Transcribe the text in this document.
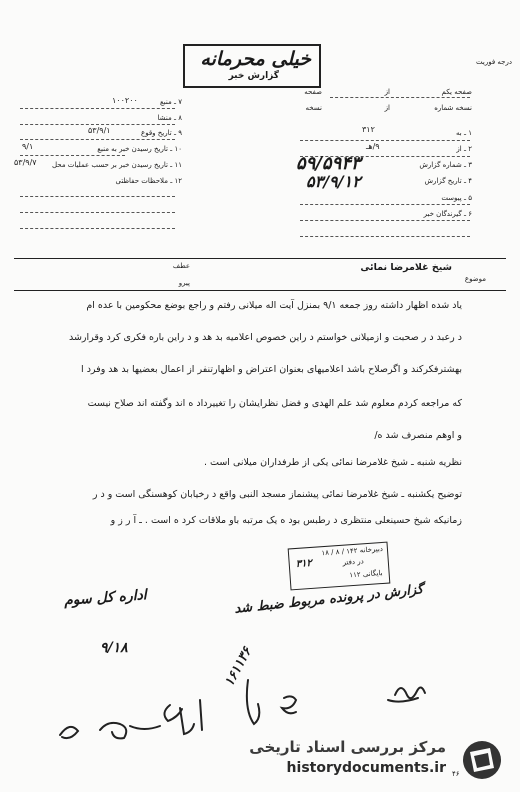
درجه فوریت
خیلی محرمانه
گزارش خبر
۷ ـ منبع
۱۰۰۲۰۰
۸ ـ منشا
۹ ـ تاریخ وقوع
۵۳/۹/۱
۱۰ ـ تاریخ رسیدن خبر به منبع
۹/۱
۱۱ ـ تاریخ رسیدن خبر بر حسب عملیات محل
۵۳/۹/۷
۱۲ ـ ملاحظات حفاظتی
صفحه یکم
از
صفحه
نسخه شماره
از
نسخه
۱ ـ به
۳۱۲
۲ ـ از
۹/هـ
۳ ـ شماره گزارش
۵۹/۵۹۴۳
۴ ـ تاریخ گزارش
۵۳/۹/۱۲
۵ ـ پیوست
۶ ـ گیرندگان خبر
موضوع
شیخ غلامرضا نمائی
عطف
پیرو
یاد شده اظهار داشته روز جمعه ۹/۱ بمنزل آیت اله میلانی رفتم و راجع بوضع محکومین با عده ام
د رعبد د ر صحبت و ازمیلانی خواستم د راین خصوص اعلامیه بد هد و د راین باره فکری کرد وقرارشد
بهشترفکرکند و اگرصلاح باشد اعلامیهای بعنوان اعتراض و اظهارتنفر از اعمال بعضیها بد هد وفرد ا
که مراجعه کردم معلوم شد علم الهدی و فضل نظرایشان را تغییرداد ه اند وگفته اند صلاح نیست
و اوهم منصرف شد ه/
نظریه شنبه ـ شیخ غلامرضا نمائی یکی از طرفداران میلانی است .
توضیح یکشنبه ـ شیخ غلامرضا نمائی پیشنماز مسجد النبی واقع د رخیابان کوهسنگی است و د ر
زمانیکه شیخ حسینعلی منتظری د رطبس بود ه یک مرتبه باو ملاقات کرد ه است . ـ آ ر ز و
دبیرخانه ۱۴۲ / ۸ / ۱۸
در دفتر
۳۱۲
بایگانی ۱۱۲
اداره کل سوم
۹/۱۸
گزارش در پرونده مربوط ضبط شد
۱۶۱۱۳۶
مرکز بررسی اسناد تاریخی
historydocuments.ir ۴۶
